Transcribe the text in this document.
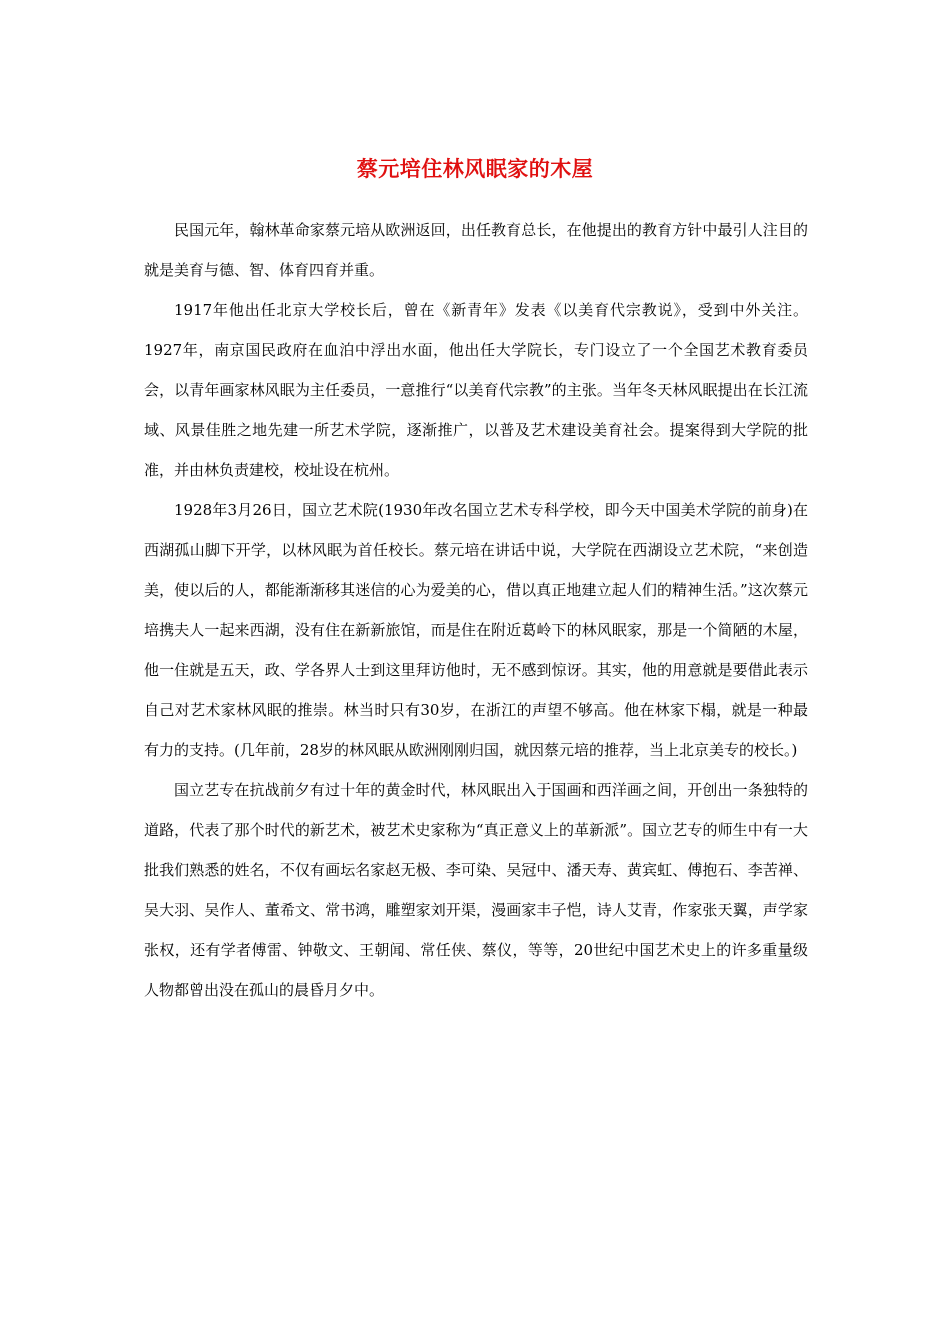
蔡元培住林风眠家的木屋

民国元年，翰林革命家蔡元培从欧洲返回，出任教育总长，在他提出的教育方针中最引人注目的就是美育与德、智、体育四育并重。

1917年他出任北京大学校长后，曾在《新青年》发表《以美育代宗教说》，受到中外关注。1927年，南京国民政府在血泊中浮出水面，他出任大学院长，专门设立了一个全国艺术教育委员会，以青年画家林风眠为主任委员，一意推行“以美育代宗教”的主张。当年冬天林风眠提出在长江流域、风景佳胜之地先建一所艺术学院，逐渐推广，以普及艺术建设美育社会。提案得到大学院的批准，并由林负责建校，校址设在杭州。

1928年3月26日，国立艺术院(1930年改名国立艺术专科学校，即今天中国美术学院的前身)在西湖孤山脚下开学，以林风眠为首任校长。蔡元培在讲话中说，大学院在西湖设立艺术院，“来创造美，使以后的人，都能渐渐移其迷信的心为爱美的心，借以真正地建立起人们的精神生活。”这次蔡元培携夫人一起来西湖，没有住在新新旅馆，而是住在附近葛岭下的林风眠家，那是一个简陋的木屋，他一住就是五天，政、学各界人士到这里拜访他时，无不感到惊讶。其实，他的用意就是要借此表示自己对艺术家林风眠的推崇。林当时只有30岁，在浙江的声望不够高。他在林家下榻，就是一种最有力的支持。(几年前，28岁的林风眠从欧洲刚刚归国，就因蔡元培的推荐，当上北京美专的校长。)

国立艺专在抗战前夕有过十年的黄金时代，林风眠出入于国画和西洋画之间，开创出一条独特的道路，代表了那个时代的新艺术，被艺术史家称为“真正意义上的革新派”。国立艺专的师生中有一大批我们熟悉的姓名，不仅有画坛名家赵无极、李可染、吴冠中、潘天寿、黄宾虹、傅抱石、李苦禅、吴大羽、吴作人、董希文、常书鸿，雕塑家刘开渠，漫画家丰子恺，诗人艾青，作家张天翼，声学家张权，还有学者傅雷、钟敬文、王朝闻、常任侠、蔡仪，等等，20世纪中国艺术史上的许多重量级人物都曾出没在孤山的晨昏月夕中。
